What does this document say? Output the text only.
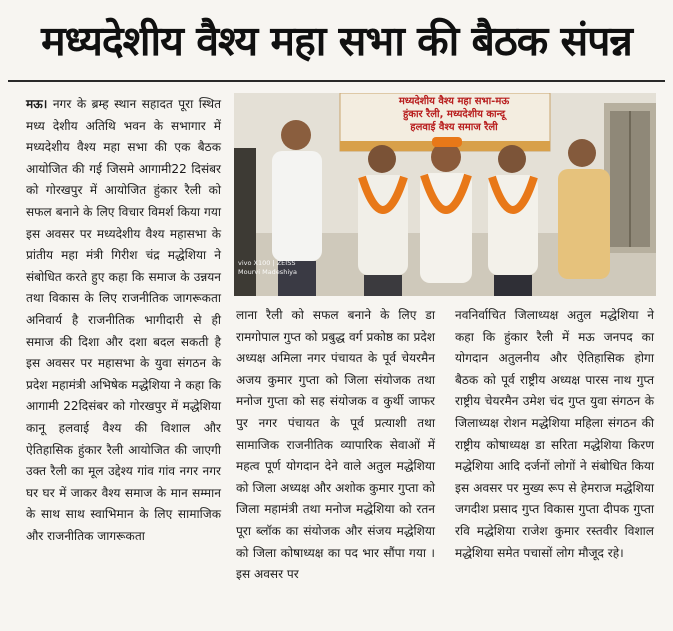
मध्यदेशीय वैश्य महा सभा की बैठक संपन्न

मऊ। नगर के ब्रम्ह स्थान सहादत पूरा स्थित मध्य देशीय अतिथि भवन के सभागार में मध्यदेशीय वैश्य महा सभा की एक बैठक आयोजित की गई जिसमे आगामी22 दिसंबर को गोरखपुर में आयोजित हुंकार रैली को सफल बनाने के लिए विचार विमर्श किया गया इस अवसर पर मध्यदेशीय वैश्य महासभा के प्रांतीय महा मंत्री गिरीश चंद्र मद्धेशिया ने संबोधित करते हुए कहा कि समाज के उन्नयन तथा विकास के लिए राजनीतिक जागरूकता अनिवार्य है राजनीतिक भागीदारी से ही समाज की दिशा और दशा बदल सकती है इस अवसर पर महासभा के युवा संगठन के प्रदेश महामंत्री अभिषेक मद्धेशिया ने कहा कि आगामी 22दिसंबर को गोरखपुर में मद्धेशिया कानू हलवाई वैश्य की विशाल और ऐतिहासिक हुंकार रैली आयोजित की जाएगी उक्त रैली का मूल उद्देश्य गांव गांव नगर नगर घर घर में जाकर वैश्य समाज के मान सम्मान के साथ साथ स्वाभिमान के लिए सामाजिक और राजनीतिक जागरूकता

मध्यदेशीय वैश्य महा सभा-मऊ
हुंकार रैली, मध्यदेशीय कान्दू
हलवाई वैश्य समाज रैली
vivo X100 | ZEISS
Mourvi Madeshiya

लाना रैली को सफल बनाने के लिए डा रामगोपाल गुप्त को प्रबुद्ध वर्ग प्रकोष्ठ का प्रदेश अध्यक्ष अमिला नगर पंचायत के पूर्व चेयरमैन अजय कुमार गुप्ता को जिला संयोजक तथा मनोज गुप्ता को सह संयोजक व कुर्थी जाफर पुर नगर पंचायत के पूर्व प्रत्याशी तथा सामाजिक राजनीतिक व्यापारिक सेवाओं में महत्व पूर्ण योगदान देने वाले अतुल मद्धेशिया को जिला अध्यक्ष और अशोक कुमार गुप्ता को जिला महामंत्री तथा मनोज मद्धेशिया को रतन पूरा ब्लॉक का संयोजक और संजय मद्धेशिया को जिला कोषाध्यक्ष का पद भार सौंपा गया । इस अवसर पर

नवनिर्वाचित जिलाध्यक्ष अतुल मद्धेशिया ने कहा कि हुंकार रैली में मऊ जनपद का योगदान अतुलनीय और ऐतिहासिक होगा बैठक को पूर्व राष्ट्रीय अध्यक्ष पारस नाथ गुप्त राष्ट्रीय चेयरमैन उमेश चंद गुप्त युवा संगठन के जिलाध्यक्ष रोशन मद्धेशिया महिला संगठन की राष्ट्रीय कोषाध्यक्ष डा सरिता मद्धेशिया किरण मद्धेशिया आदि दर्जनों लोगों ने संबोधित किया इस अवसर पर मुख्य रूप से हेमराज मद्धेशिया जगदीश प्रसाद गुप्त विकास गुप्ता दीपक गुप्ता रवि मद्धेशिया राजेश कुमार रस्तवीर विशाल मद्धेशिया समेत पचासों लोग मौजूद रहे।
